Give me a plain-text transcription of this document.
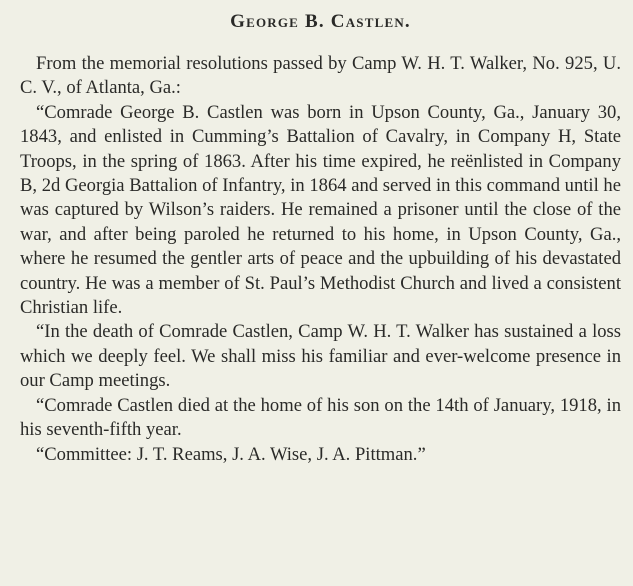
George B. Castlen.

From the memorial resolutions passed by Camp W. H. T. Walker, No. 925, U. C. V., of Atlanta, Ga.:

“Comrade George B. Castlen was born in Upson County, Ga., January 30, 1843, and enlisted in Cumming’s Battalion of Cavalry, in Company H, State Troops, in the spring of 1863. After his time expired, he reënlisted in Company B, 2d Georgia Battalion of Infantry, in 1864 and served in this command until he was captured by Wilson’s raiders. He remained a prisoner until the close of the war, and after being paroled he returned to his home, in Upson County, Ga., where he resumed the gentler arts of peace and the upbuilding of his devastated country. He was a member of St. Paul’s Methodist Church and lived a consistent Christian life.

“In the death of Comrade Castlen, Camp W. H. T. Walker has sustained a loss which we deeply feel. We shall miss his familiar and ever-welcome presence in our Camp meetings.

“Comrade Castlen died at the home of his son on the 14th of January, 1918, in his seventh-fifth year.

“Committee: J. T. Reams, J. A. Wise, J. A. Pittman.”
